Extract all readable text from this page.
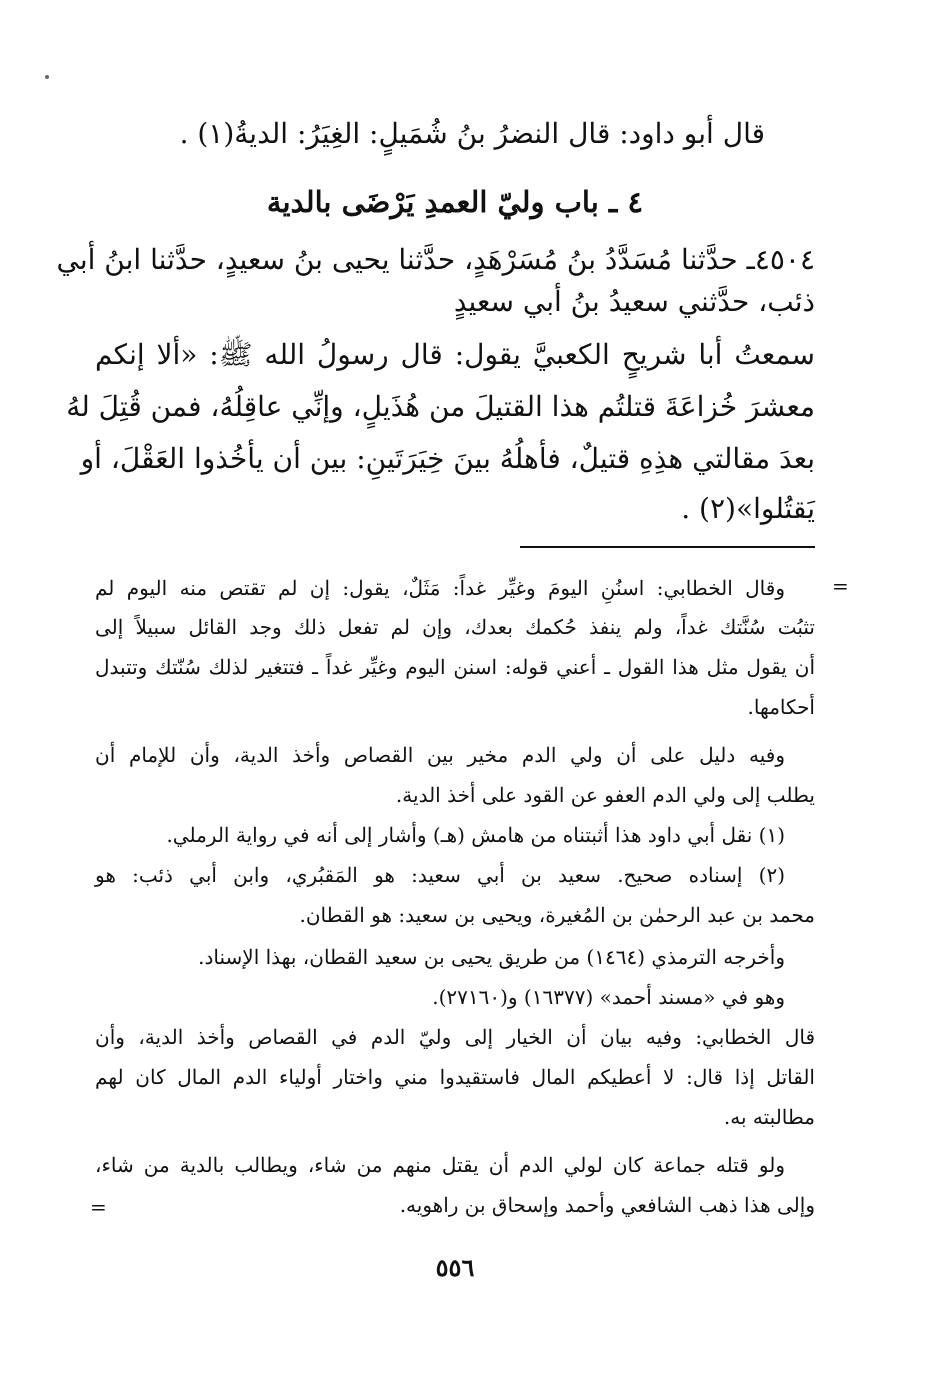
قال أبو داود: قال النضرُ بنُ شُمَيلٍ: الغِيَرُ: الديةُ(١) .
٤ ـ باب وليّ العمدِ يَرْضَى بالدية
٤٥٠٤ـ حدَّثنا مُسَدَّدُ بنُ مُسَرْهَدٍ، حدَّثنا يحيى بنُ سعيدٍ، حدَّثنا ابنُ أبي
ذئب، حدَّثني سعيدُ بنُ أبي سعيدٍ
سمعتُ أبا شريحٍ الكعبيَّ يقول: قال رسولُ الله ﷺ: «ألا إنكم
معشرَ خُزاعَةَ قتلتُم هذا القتيلَ من هُذَيلٍ، وإنِّي عاقِلُهُ، فمن قُتِلَ لهُ
بعدَ مقالتي هذِهِ قتيلٌ، فأهلُهُ بينَ خِيَرَتَينِ: بين أن يأخُذوا العَقْلَ، أو
يَقتُلوا»(٢) .
وقال الخطابي: اسنُنِ اليومَ وغيِّر غداً: مَثَلٌ، يقول: إن لم تقتص منه اليوم لم
تثبُت سُنَّتك غداً، ولم ينفذ حُكمك بعدك، وإن لم تفعل ذلك وجد القائل سبيلاً إلى
أن يقول مثل هذا القول ـ أعني قوله: اسنن اليوم وغيِّر غداً ـ فتتغير لذلك سُنّتك وتتبدل
أحكامها.
وفيه دليل على أن ولي الدم مخير بين القصاص وأخذ الدية، وأن للإمام أن
يطلب إلى ولي الدم العفو عن القود على أخذ الدية.
(١) نقل أبي داود هذا أثبتناه من هامش (هـ) وأشار إلى أنه في رواية الرملي.
(٢) إسناده صحيح. سعيد بن أبي سعيد: هو المَقبُري، وابن أبي ذئب: هو
محمد بن عبد الرحمٰن بن المُغيرة، ويحيى بن سعيد: هو القطان.
وأخرجه الترمذي (١٤٦٤) من طريق يحيى بن سعيد القطان، بهذا الإسناد.
وهو في «مسند أحمد» (١٦٣٧٧) و(٢٧١٦٠).
قال الخطابي: وفيه بيان أن الخيار إلى وليّ الدم في القصاص وأخذ الدية، وأن
القاتل إذا قال: لا أعطيكم المال فاستقيدوا مني واختار أولياء الدم المال كان لهم
مطالبته به.
ولو قتله جماعة كان لولي الدم أن يقتل منهم من شاء، ويطالب بالدية من شاء،
وإلى هذا ذهب الشافعي وأحمد وإسحاق بن راهويه.
٥٥٦
=
=
